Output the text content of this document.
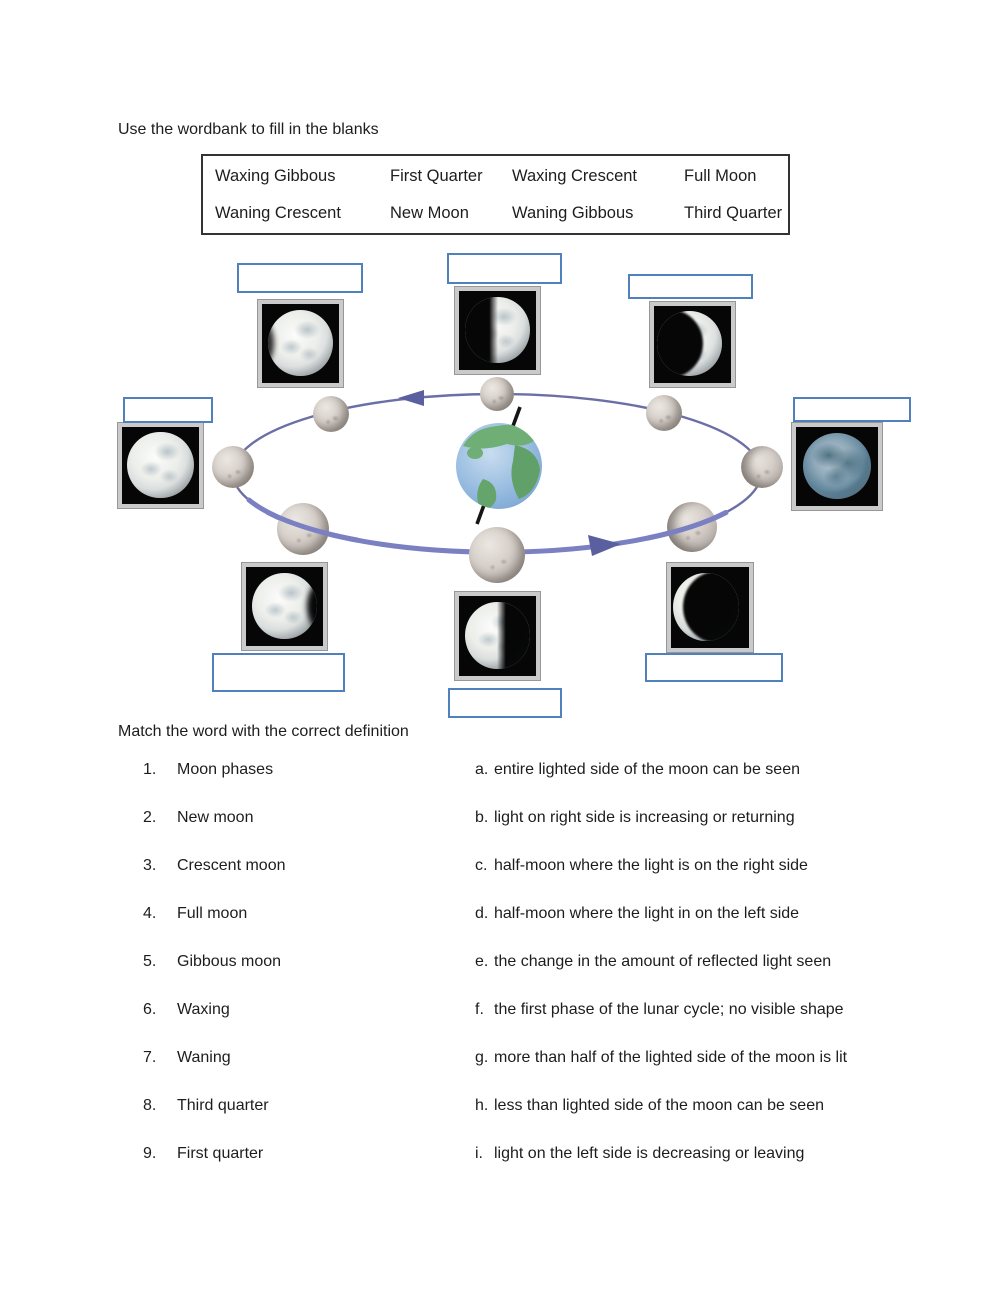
Use the wordbank to fill in the blanks
Waxing Gibbous	First Quarter	Waxing Crescent	Full Moon
Waning Crescent	New Moon	Waning Gibbous	Third Quarter
Match the word with the correct definition
1.	Moon phases	a. entire lighted side of the moon can be seen
2.	New moon	b. light on right side is increasing or returning
3.	Crescent moon	c. half-moon where the light is on the right side
4.	Full moon	d. half-moon where the light in on the left side
5.	Gibbous moon	e. the change in the amount of reflected light seen
6.	Waxing	f. the first phase of the lunar cycle; no visible shape
7.	Waning	g. more than half of the lighted side of the moon is lit
8.	Third quarter	h. less than lighted side of the moon can be seen
9.	First quarter	i. light on the left side is decreasing or leaving
